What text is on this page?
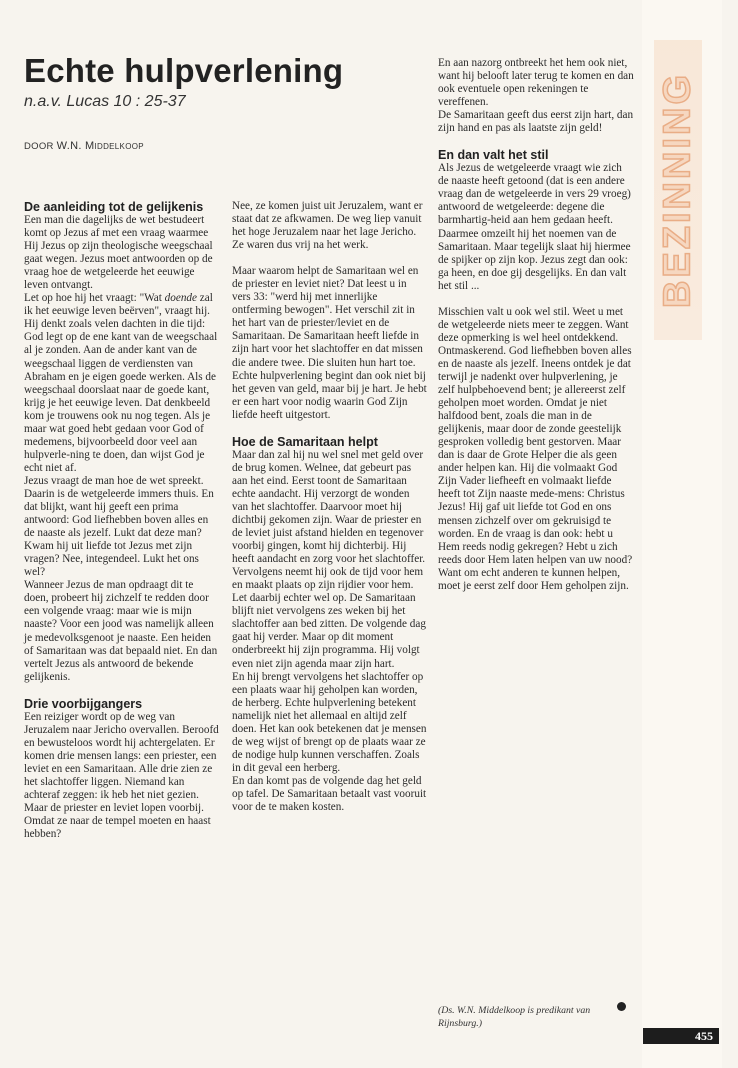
Echte hulpverlening

n.a.v. Lucas 10 : 25-37

DOOR W.N. Middelkoop

De aanleiding tot de gelijkenis

Een man die dagelijks de wet bestudeert komt op Jezus af met een vraag waarmee Hij Jezus op zijn theologische weegschaal gaat wegen. Jezus moet antwoorden op de vraag hoe de wetgeleerde het eeuwige leven ontvangt.

Let op hoe hij het vraagt: "Wat doende zal ik het eeuwige leven beërven", vraagt hij. Hij denkt zoals velen dachten in die tijd: God legt op de ene kant van de weegschaal al je zonden. Aan de ander kant van de weegschaal liggen de verdiensten van Abraham en je eigen goede werken. Als de weegschaal doorslaat naar de goede kant, krijg je het eeuwige leven. Dat denkbeeld kom je trouwens ook nu nog tegen. Als je maar wat goed hebt gedaan voor God of medemens, bijvoorbeeld door veel aan hulpverle-ning te doen, dan wijst God je echt niet af.

Jezus vraagt de man hoe de wet spreekt. Daarin is de wetgeleerde immers thuis. En dat blijkt, want hij geeft een prima antwoord: God liefhebben boven alles en de naaste als jezelf. Lukt dat deze man? Kwam hij uit liefde tot Jezus met zijn vragen? Nee, integendeel. Lukt het ons wel?

Wanneer Jezus de man opdraagt dit te doen, probeert hij zichzelf te redden door een volgende vraag: maar wie is mijn naaste? Voor een jood was namelijk alleen je medevolksgenoot je naaste. Een heiden of Samaritaan was dat bepaald niet. En dan vertelt Jezus als antwoord de bekende gelijkenis.

Drie voorbijgangers

Een reiziger wordt op de weg van Jeruzalem naar Jericho overvallen. Beroofd en bewusteloos wordt hij achtergelaten. Er komen drie mensen langs: een priester, een leviet en een Samaritaan. Alle drie zien ze het slachtoffer liggen. Niemand kan achteraf zeggen: ik heb het niet gezien. Maar de priester en leviet lopen voorbij. Omdat ze naar de tempel moeten en haast hebben?

Nee, ze komen juist uit Jeruzalem, want er staat dat ze afkwamen. De weg liep vanuit het hoge Jeruzalem naar het lage Jericho. Ze waren dus vrij na het werk.

Maar waarom helpt de Samaritaan wel en de priester en leviet niet? Dat leest u in vers 33: "werd hij met innerlijke ontferming bewogen". Het verschil zit in het hart van de priester/leviet en de Samaritaan. De Samaritaan heeft liefde in zijn hart voor het slachtoffer en dat missen die andere twee. Die sluiten hun hart toe. Echte hulpverlening begint dan ook niet bij het geven van geld, maar bij je hart. Je hebt er een hart voor nodig waarin God Zijn liefde heeft uitgestort.

Hoe de Samaritaan helpt

Maar dan zal hij nu wel snel met geld over de brug komen. Welnee, dat gebeurt pas aan het eind. Eerst toont de Samaritaan echte aandacht. Hij verzorgt de wonden van het slachtoffer. Daarvoor moet hij dichtbij gekomen zijn. Waar de priester en de leviet juist afstand hielden en tegenover voorbij gingen, komt hij dichterbij. Hij heeft aandacht en zorg voor het slachtoffer. Vervolgens neemt hij ook de tijd voor hem en maakt plaats op zijn rijdier voor hem. Let daarbij echter wel op. De Samaritaan blijft niet vervolgens zes weken bij het slachtoffer aan bed zitten. De volgende dag gaat hij verder. Maar op dit moment onderbreekt hij zijn programma. Hij volgt even niet zijn agenda maar zijn hart.

En hij brengt vervolgens het slachtoffer op een plaats waar hij geholpen kan worden, de herberg. Echte hulpverlening betekent namelijk niet het allemaal en altijd zelf doen. Het kan ook betekenen dat je mensen de weg wijst of brengt op de plaats waar ze de nodige hulp kunnen verschaffen. Zoals in dit geval een herberg.

En dan komt pas de volgende dag het geld op tafel. De Samaritaan betaalt vast vooruit voor de te maken kosten.

En aan nazorg ontbreekt het hem ook niet, want hij belooft later terug te komen en dan ook eventuele open rekeningen te vereffenen.

De Samaritaan geeft dus eerst zijn hart, dan zijn hand en pas als laatste zijn geld!

En dan valt het stil

Als Jezus de wetgeleerde vraagt wie zich de naaste heeft getoond (dat is een andere vraag dan de wetgeleerde in vers 29 vroeg) antwoord de wetgeleerde: degene die barmhartig-heid aan hem gedaan heeft. Daarmee omzeilt hij het noemen van de Samaritaan. Maar tegelijk slaat hij hiermee de spijker op zijn kop. Jezus zegt dan ook: ga heen, en doe gij desgelijks. En dan valt het stil ...

Misschien valt u ook wel stil. Weet u met de wetgeleerde niets meer te zeggen. Want deze opmerking is wel heel ontdekkend. Ontmaskerend. God liefhebben boven alles en de naaste als jezelf. Ineens ontdek je dat terwijl je nadenkt over hulpverlening, je zelf hulpbehoevend bent; je allereerst zelf geholpen moet worden. Omdat je niet halfdood bent, zoals die man in de gelijkenis, maar door de zonde geestelijk gesproken volledig bent gestorven. Maar dan is daar de Grote Helper die als geen ander helpen kan. Hij die volmaakt God Zijn Vader liefheeft en volmaakt liefde heeft tot Zijn naaste mede-mens: Christus Jezus! Hij gaf uit liefde tot God en ons mensen zichzelf over om gekruisigd te worden. En de vraag is dan ook: hebt u Hem reeds nodig gekregen? Hebt u zich reeds door Hem laten helpen van uw nood? Want om echt anderen te kunnen helpen, moet je eerst zelf door Hem geholpen zijn.

(Ds. W.N. Middelkoop is predikant van Rijnsburg.)

BEZINNING
455
